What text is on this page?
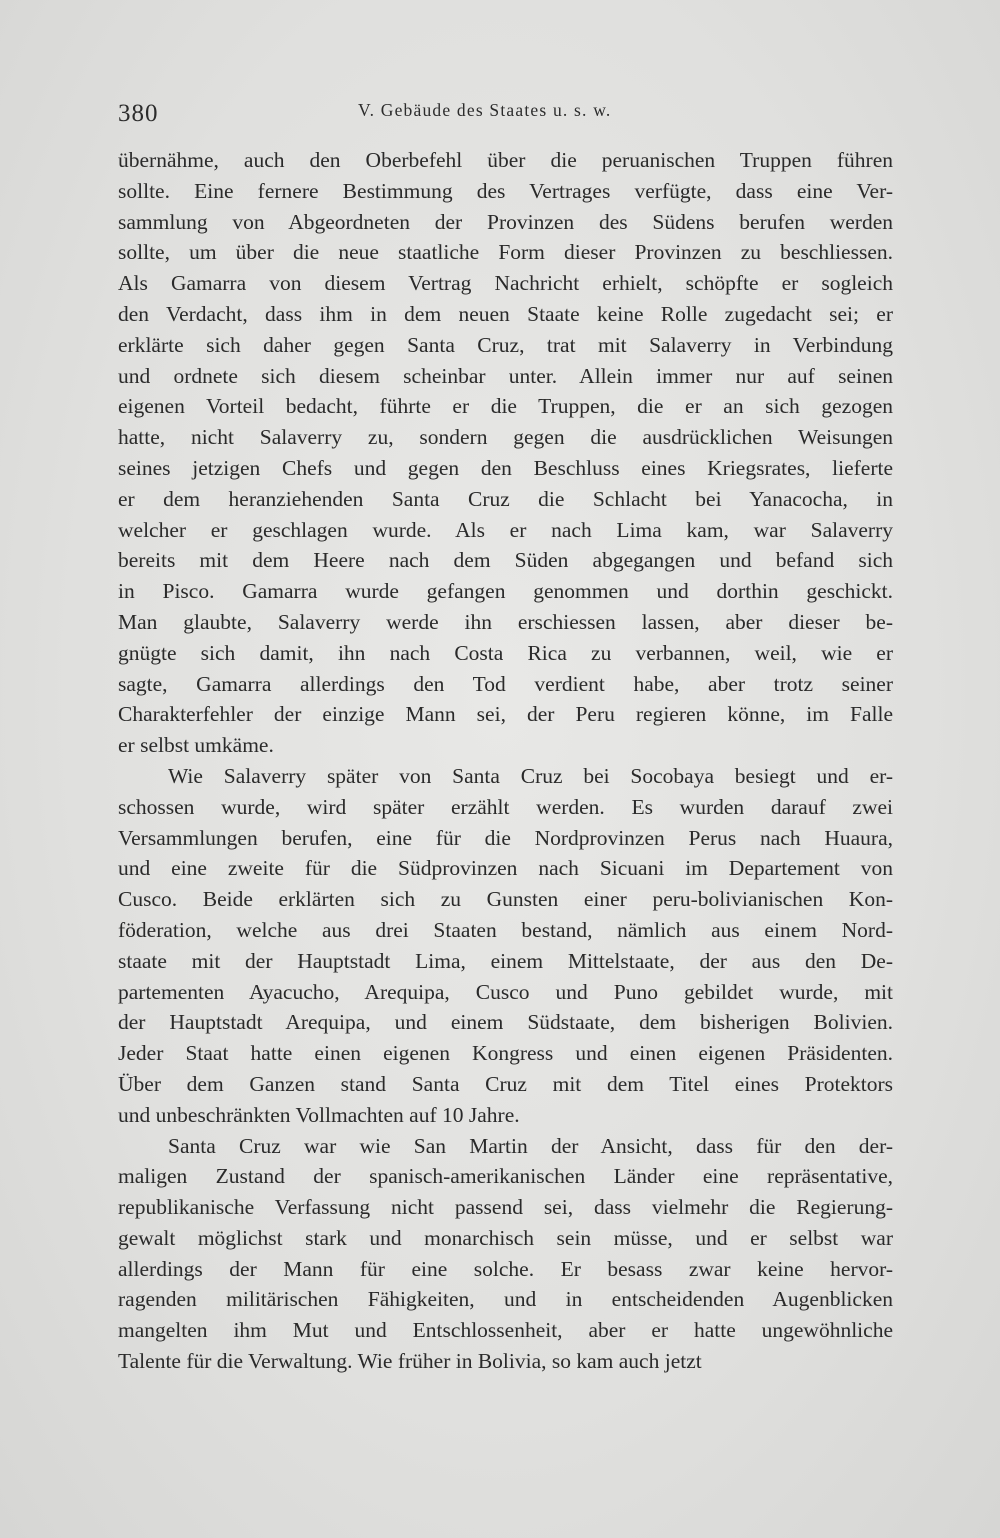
380	V. Gebäude des Staates u. s. w.
übernähme, auch den Oberbefehl über die peruanischen Truppen führen
sollte. Eine fernere Bestimmung des Vertrages verfügte, dass eine Ver-
sammlung von Abgeordneten der Provinzen des Südens berufen werden
sollte, um über die neue staatliche Form dieser Provinzen zu beschliessen.
Als Gamarra von diesem Vertrag Nachricht erhielt, schöpfte er sogleich
den Verdacht, dass ihm in dem neuen Staate keine Rolle zugedacht sei; er
erklärte sich daher gegen Santa Cruz, trat mit Salaverry in Verbindung
und ordnete sich diesem scheinbar unter. Allein immer nur auf seinen
eigenen Vorteil bedacht, führte er die Truppen, die er an sich gezogen
hatte, nicht Salaverry zu, sondern gegen die ausdrücklichen Weisungen
seines jetzigen Chefs und gegen den Beschluss eines Kriegsrates, lieferte
er dem heranziehenden Santa Cruz die Schlacht bei Yanacocha, in
welcher er geschlagen wurde. Als er nach Lima kam, war Salaverry
bereits mit dem Heere nach dem Süden abgegangen und befand sich
in Pisco. Gamarra wurde gefangen genommen und dorthin geschickt.
Man glaubte, Salaverry werde ihn erschiessen lassen, aber dieser be-
gnügte sich damit, ihn nach Costa Rica zu verbannen, weil, wie er
sagte, Gamarra allerdings den Tod verdient habe, aber trotz seiner
Charakterfehler der einzige Mann sei, der Peru regieren könne, im Falle
er selbst umkäme.
Wie Salaverry später von Santa Cruz bei Socobaya besiegt und er-
schossen wurde, wird später erzählt werden. Es wurden darauf zwei
Versammlungen berufen, eine für die Nordprovinzen Perus nach Huaura,
und eine zweite für die Südprovinzen nach Sicuani im Departement von
Cusco. Beide erklärten sich zu Gunsten einer peru-bolivianischen Kon-
föderation, welche aus drei Staaten bestand, nämlich aus einem Nord-
staate mit der Hauptstadt Lima, einem Mittelstaate, der aus den De-
partementen Ayacucho, Arequipa, Cusco und Puno gebildet wurde, mit
der Hauptstadt Arequipa, und einem Südstaate, dem bisherigen Bolivien.
Jeder Staat hatte einen eigenen Kongress und einen eigenen Präsidenten.
Über dem Ganzen stand Santa Cruz mit dem Titel eines Protektors
und unbeschränkten Vollmachten auf 10 Jahre.
Santa Cruz war wie San Martin der Ansicht, dass für den der-
maligen Zustand der spanisch-amerikanischen Länder eine repräsentative,
republikanische Verfassung nicht passend sei, dass vielmehr die Regierung-
gewalt möglichst stark und monarchisch sein müsse, und er selbst war
allerdings der Mann für eine solche. Er besass zwar keine hervor-
ragenden militärischen Fähigkeiten, und in entscheidenden Augenblicken
mangelten ihm Mut und Entschlossenheit, aber er hatte ungewöhnliche
Talente für die Verwaltung. Wie früher in Bolivia, so kam auch jetzt
